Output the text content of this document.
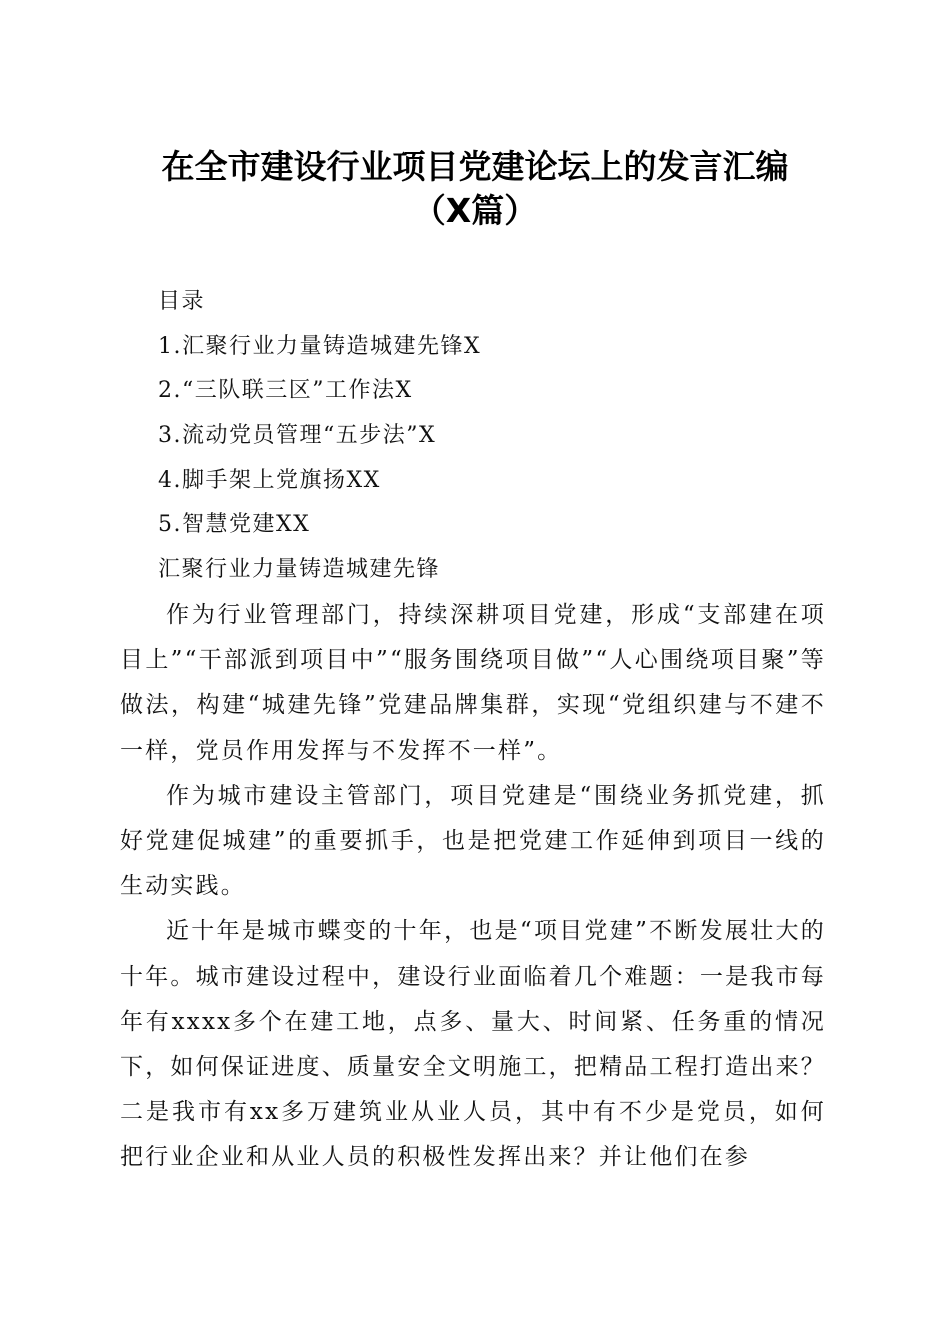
在全市建设行业项目党建论坛上的发言汇编
（X篇）
目录
1.汇聚行业力量铸造城建先锋X
2.“三队联三区”工作法X
3.流动党员管理“五步法”X
4.脚手架上党旗扬XX
5.智慧党建XX
汇聚行业力量铸造城建先锋

作为行业管理部门，持续深耕项目党建，形成“支部建在项目上”“干部派到项目中”“服务围绕项目做”“人心围绕项目聚”等做法，构建“城建先锋”党建品牌集群，实现“党组织建与不建不一样，党员作用发挥与不发挥不一样”。

作为城市建设主管部门，项目党建是“围绕业务抓党建，抓好党建促城建”的重要抓手，也是把党建工作延伸到项目一线的生动实践。

近十年是城市蝶变的十年，也是“项目党建”不断发展壮大的十年。城市建设过程中，建设行业面临着几个难题：一是我市每年有xxxx多个在建工地，点多、量大、时间紧、任务重的情况下，如何保证进度、质量安全文明施工，把精品工程打造出来？二是我市有xx多万建筑业从业人员，其中有不少是党员，如何把行业企业和从业人员的积极性发挥出来？并让他们在参
